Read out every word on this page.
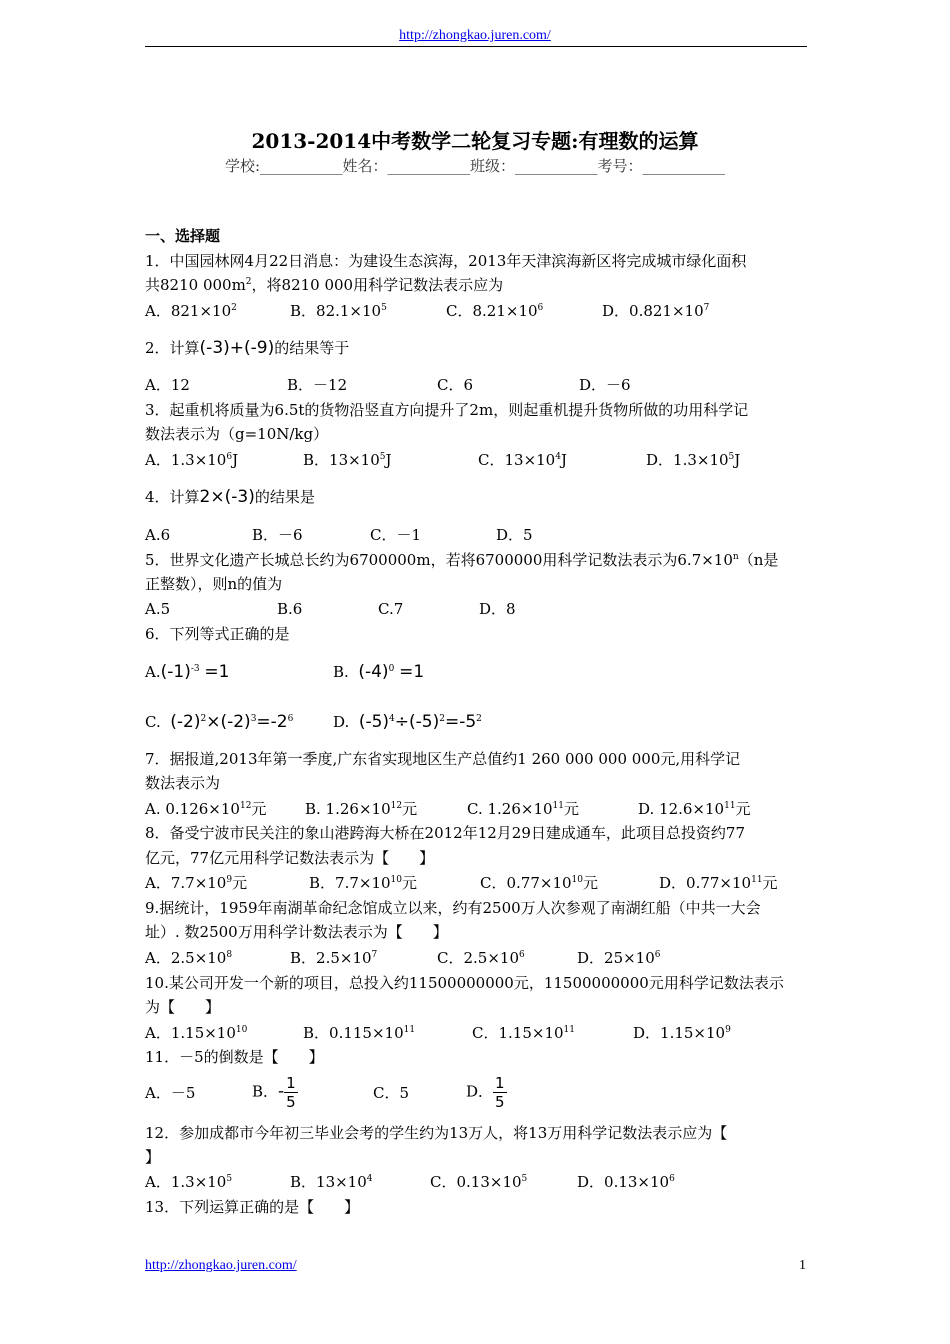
http://zhongkao.juren.com/
2013-2014中考数学二轮复习专题:有理数的运算
学校:___________姓名：___________班级：___________考号：___________
一、选择题
1．中国园林网4月22日消息：为建设生态滨海，2013年天津滨海新区将完成城市绿化面积
共8210 $000m^2$，将8210 000用科学记数法表示应为
A．$821\times 10^2$	B．$82.1\times 10^5$	C．$8.21\times 10^6$	D．$0.821\times 10^7$
2．计算(-3)+(-9)的结果等于
A．12	B．－12	C．6	D．－6
3．起重机将质量为6.5t的货物沿竖直方向提升了2m，则起重机提升货物所做的功用科学记
数法表示为（g=10N/kg）
A．$1.3\times 10^6J$	B．$13\times 10^5J$	C．$13\times 10^4J$	D．$1.3\times 10^5J$
4．计算2×(-3)的结果是
A.6	B．－6	C．－1	D．5
5．世界文化遗产长城总长约为6700000m，若将6700000用科学记数法表示为$6.7\times 10^n(n$是
正整数），则n的值为
A.5	B.6	C.7	D．8
6．下列等式正确的是
$A.(-1)^{-3} =1$	B. $(-4)^0 =1$
C. $(-2)^2\times(-2)^3=-2^6$	D. $(-5)^4\div(-5)^2=-5^2$
7．据报道,2013年第一季度,广东省实现地区生产总值约1 260 000 000 000元,用科学记
数法表示为
A. $0.126\times 10^{12}$元	B. $1.26\times 10^{12}$元	C. $1.26\times 10^{11}$元	D. $12.6\times 10^{11}$元
8．备受宁波市民关注的象山港跨海大桥在2012年12月29日建成通车，此项目总投资约77
亿元，77亿元用科学记数法表示为【　　】
A．$7.7\times 10^9$元	B．$7.7\times 10^{10}$元	C．$0.77\times 10^{10}$元	D．$0.77\times 10^{11}$元
9.据统计，1959年南湖革命纪念馆成立以来，约有2500万人次参观了南湖红船（中共一大会
址）. 数2500万用科学计数法表示为【　　】
A．$2.5\times 10^8$	B．$2.5\times 10^7$	C．$2.5\times 10^6$	D．$25\times 10^6$
10.某公司开发一个新的项目，总投入约11500000000元，11500000000元用科学记数法表示
为【　　】
A．$1.15\times 10^{10}$	B．$0.115\times 10^{11}$	C．$1.15\times 10^{11}$	D．$1.15\times 10^9$
11．－5的倒数是【　　】
A．－5	B．- $\frac{1}{5}$	C．5	D． $\frac{1}{5}$
12．参加成都市今年初三毕业会考的学生约为13万人，将13万用科学记数法表示应为【
】
A．$1.3\times 10^5$	B．$13\times 10^4$	C．$0.13\times 10^5$	D．$0.13\times 10^6$
13．下列运算正确的是【　　】
http://zhongkao.juren.com/	1
